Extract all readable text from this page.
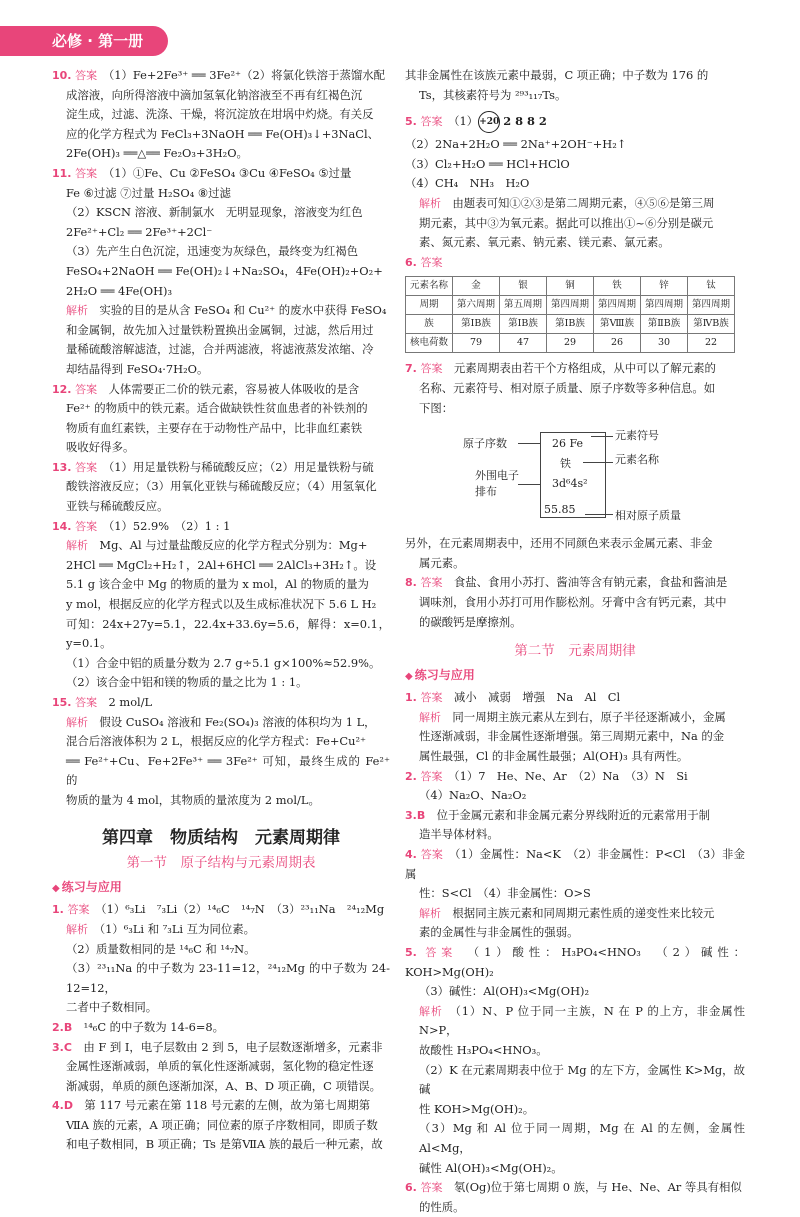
必修 · 第一册

10. 答案　 （1）Fe+2Fe³⁺ ══ 3Fe²⁺（2）将氯化铁溶于蒸馏水配

成溶液，向所得溶液中滴加氢氧化钠溶液至不再有红褐色沉

淀生成，过滤、洗涤、干燥，将沉淀放在坩埚中灼烧。有关反

应的化学方程式为 FeCl₃+3NaOH ══ Fe(OH)₃↓+3NaCl、

2Fe(OH)₃ ══△══ Fe₂O₃+3H₂O。

11. 答案　 （1）①Fe、Cu ②FeSO₄ ③Cu ④FeSO₄ ⑤过量

Fe ⑥过滤 ⑦过量 H₂SO₄ ⑧过滤

（2）KSCN 溶液、新制氯水　无明显现象，溶液变为红色

2Fe²⁺+Cl₂ ══ 2Fe³⁺+2Cl⁻

（3）先产生白色沉淀，迅速变为灰绿色，最终变为红褐色

FeSO₄+2NaOH ══ Fe(OH)₂↓+Na₂SO₄，4Fe(OH)₂+O₂+

2H₂O ══ 4Fe(OH)₃

解析　 实验的目的是从含 FeSO₄ 和 Cu²⁺ 的废水中获得 FeSO₄

和金属铜，故先加入过量铁粉置换出金属铜，过滤，然后用过

量稀硫酸溶解滤渣，过滤，合并两滤液，将滤液蒸发浓缩、冷

却结晶得到 FeSO₄·7H₂O。

12. 答案　 人体需要正二价的铁元素，容易被人体吸收的是含

Fe²⁺ 的物质中的铁元素。适合做缺铁性贫血患者的补铁剂的

物质有血红素铁，主要存在于动物性产品中，比非血红素铁

吸收好得多。

13. 答案　 （1）用足量铁粉与稀硫酸反应；（2）用足量铁粉与硫

酸铁溶液反应；（3）用氧化亚铁与稀硫酸反应；（4）用氢氧化

亚铁与稀硫酸反应。

14. 答案　 （1）52.9%　（2）1 : 1

解析　 Mg、Al 与过量盐酸反应的化学方程式分别为：Mg+

2HCl ══ MgCl₂+H₂↑，2Al+6HCl ══ 2AlCl₃+3H₂↑。设

5.1 g 该合金中 Mg 的物质的量为 x mol，Al 的物质的量为

y mol，根据反应的化学方程式以及生成标准状况下 5.6 L H₂

可知：24x+27y=5.1，22.4x+33.6y=5.6，解得：x=0.1，y=0.1。

（1）合金中铝的质量分数为 2.7 g÷5.1 g×100%≈52.9%。

（2）该合金中铝和镁的物质的量之比为 1 : 1。

15. 答案　 2 mol/L

解析　 假设 CuSO₄ 溶液和 Fe₂(SO₄)₃ 溶液的体积均为 1 L，

混合后溶液体积为 2 L，根据反应的化学方程式：Fe+Cu²⁺

══ Fe²⁺+Cu、Fe+2Fe³⁺ ══ 3Fe²⁺ 可知，最终生成的 Fe²⁺ 的

物质的量为 4 mol，其物质的量浓度为 2 mol/L。

第四章　物质结构　元素周期律
第一节　原子结构与元素周期表
◆ 练习与应用

1. 答案　 （1）⁶₃Li　⁷₃Li（2）¹⁴₆C　¹⁴₇N　（3）²³₁₁Na　²⁴₁₂Mg

解析　 （1）⁶₃Li 和 ⁷₃Li 互为同位素。

（2）质量数相同的是 ¹⁴₆C 和 ¹⁴₇N。

（3）²³₁₁Na 的中子数为 23-11=12，²⁴₁₂Mg 的中子数为 24-12=12，

二者中子数相同。

2.B　 ¹⁴₆C 的中子数为 14-6=8。

3.C　 由 F 到 I，电子层数由 2 到 5，电子层数逐渐增多，元素非

金属性逐渐减弱，单质的氧化性逐渐减弱，氢化物的稳定性逐

渐减弱，单质的颜色逐渐加深，A、B、D 项正确，C 项错误。

4.D　 第 117 号元素在第 118 号元素的左侧，故为第七周期第

ⅦA 族的元素，A 项正确；同位素的原子序数相同，即质子数

和电子数相同，B 项正确；Ts 是第ⅦA 族的最后一种元素，故

其非金属性在该族元素中最弱，C 项正确；中子数为 176 的

Ts，其核素符号为 ²⁹³₁₁₇Ts。

5. 答案　（1）+20 2 8 8 2

（2）2Na+2H₂O ══ 2Na⁺+2OH⁻+H₂↑

（3）Cl₂+H₂O ══ HCl+HClO

（4）CH₄　NH₃　H₂O

解析　 由题表可知①②③是第二周期元素，④⑤⑥是第三周

期元素，其中③为氧元素。据此可以推出①~⑥分别是碳元

素、氮元素、氧元素、钠元素、镁元素、氯元素。

6. 答案

元素名称	金	银	铜	铁	锌	钛
周期	第六周期	第五周期	第四周期	第四周期	第四周期	第四周期
族	第ⅠB族	第ⅠB族	第ⅠB族	第Ⅷ族	第ⅡB族	第ⅣB族
核电荷数	79	47	29	26	30	22

7. 答案　 元素周期表由若干个方格组成，从中可以了解元素的

名称、元素符号、相对原子质量、原子序数等多种信息。如

下图：

原子序数	26 Fe
铁
3d⁶4s²
55.85
元素符号
元素名称
外围电子排布
相对原子质量

另外，在元素周期表中，还用不同颜色来表示金属元素、非金

属元素。

8. 答案　 食盐、食用小苏打、酱油等含有钠元素，食盐和酱油是

调味剂，食用小苏打可用作膨松剂。牙膏中含有钙元素，其中

的碳酸钙是摩擦剂。

第二节　元素周期律
◆ 练习与应用

1. 答案　 减小　减弱　增强　Na　Al　Cl

解析　 同一周期主族元素从左到右，原子半径逐渐减小，金属

性逐渐减弱，非金属性逐渐增强。第三周期元素中，Na 的金

属性最强，Cl 的非金属性最强；Al(OH)₃ 具有两性。

2. 答案　 （1）7　He、Ne、Ar　（2）Na　（3）N　Si

（4）Na₂O、Na₂O₂

3.B　 位于金属元素和非金属元素分界线附近的元素常用于制

造半导体材料。

4. 答案　 （1）金属性：Na<K　（2）非金属性：P<Cl　（3）非金属

性：S<Cl　（4）非金属性：O>S

解析　 根据同主族元素和同周期元素性质的递变性来比较元

素的金属性与非金属性的强弱。

5. 答案　 （1）酸性：H₃PO₄<HNO₃　（2）碱性：KOH>Mg(OH)₂

（3）碱性：Al(OH)₃<Mg(OH)₂

解析　 （1）N、P 位于同一主族，N 在 P 的上方，非金属性 N>P，

故酸性 H₃PO₄<HNO₃。

（2）K 在元素周期表中位于 Mg 的左下方，金属性 K>Mg，故碱

性 KOH>Mg(OH)₂。

（3）Mg 和 Al 位于同一周期，Mg 在 Al 的左侧，金属性 Al<Mg，

碱性 Al(OH)₃<Mg(OH)₂。

6. 答案　 氡(Og)位于第七周期 0 族，与 He、Ne、Ar 等具有相似

的性质。
